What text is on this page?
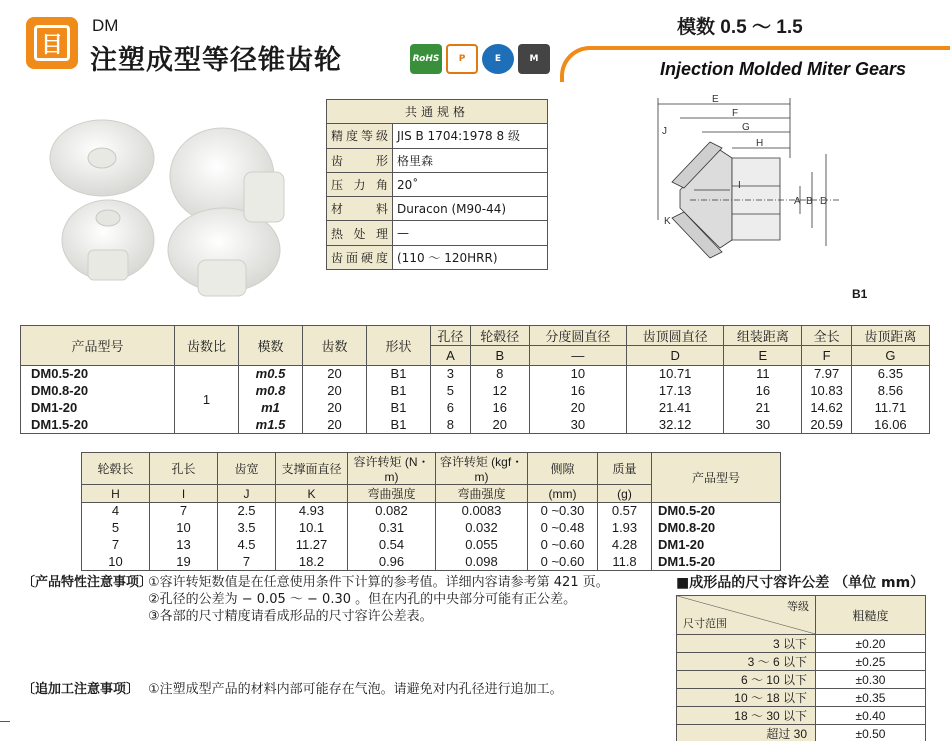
目
DM
注塑成型等径锥齿轮	RoHS	P	E	M
模数 0.5 ～ 1.5
Injection Molded Miter Gears
共通规格	
精度等级	JIS B 1704:1978 8 级
齿形	格里森
压力角	20˚
材料	Duracon (M90-44)
热处理	—
齿面硬度	(110 ～ 120HRR)
E
F
G
H
J
I
K
A B D
B1
产品型号	齿数比	模数	齿数	形状	孔径	轮毂径	分度圆直径	齿顶圆直径	组装距离	全长	齿顶距离
					A	B	—	D	E	F	G
DM0.5-20	1	m0.5	20	B1	3	8	10	10.71	11	7.97	6.35
DM0.8-20		m0.8	20	B1	5	12	16	17.13	16	10.83	8.56
DM1-20		m1	20	B1	6	16	20	21.41	21	14.62	11.71
DM1.5-20		m1.5	20	B1	8	20	30	32.12	30	20.59	16.06
轮毂长	孔长	齿宽	支撑面直径	容许转矩 (N・m)	容许转矩 (kgf・m)	侧隙	质量	产品型号
H	I	J	K	弯曲强度	弯曲强度	(mm)	(g)	
4	7	2.5	4.93	0.082	0.0083	0 ~0.30	0.57	DM0.5-20
5	10	3.5	10.1	0.31	0.032	0 ~0.48	1.93	DM0.8-20
7	13	4.5	11.27	0.54	0.055	0 ~0.60	4.28	DM1-20
10	19	7	18.2	0.96	0.098	0 ~0.60	11.8	DM1.5-20
〔产品特性注意事项〕
①容许转矩数值是在任意使用条件下计算的参考值。详细内容请参考第 421 页。
②孔径的公差为 − 0.05 ～ − 0.30 。但在内孔的中央部分可能有正公差。
③各部的尺寸精度请看成形品的尺寸容许公差表。
〔追加工注意事项〕 ①注塑成型产品的材料内部可能存在气泡。请避免对内孔径进行追加工。
■成形品的尺寸容许公差 （单位 mm）
等级
尺寸范围	粗糙度
3 以下	±0.20
3 ～ 6 以下	±0.25
6 ～ 10 以下	±0.30
10 ～ 18 以下	±0.35
18 ～ 30 以下	±0.40
超过 30	±0.50
